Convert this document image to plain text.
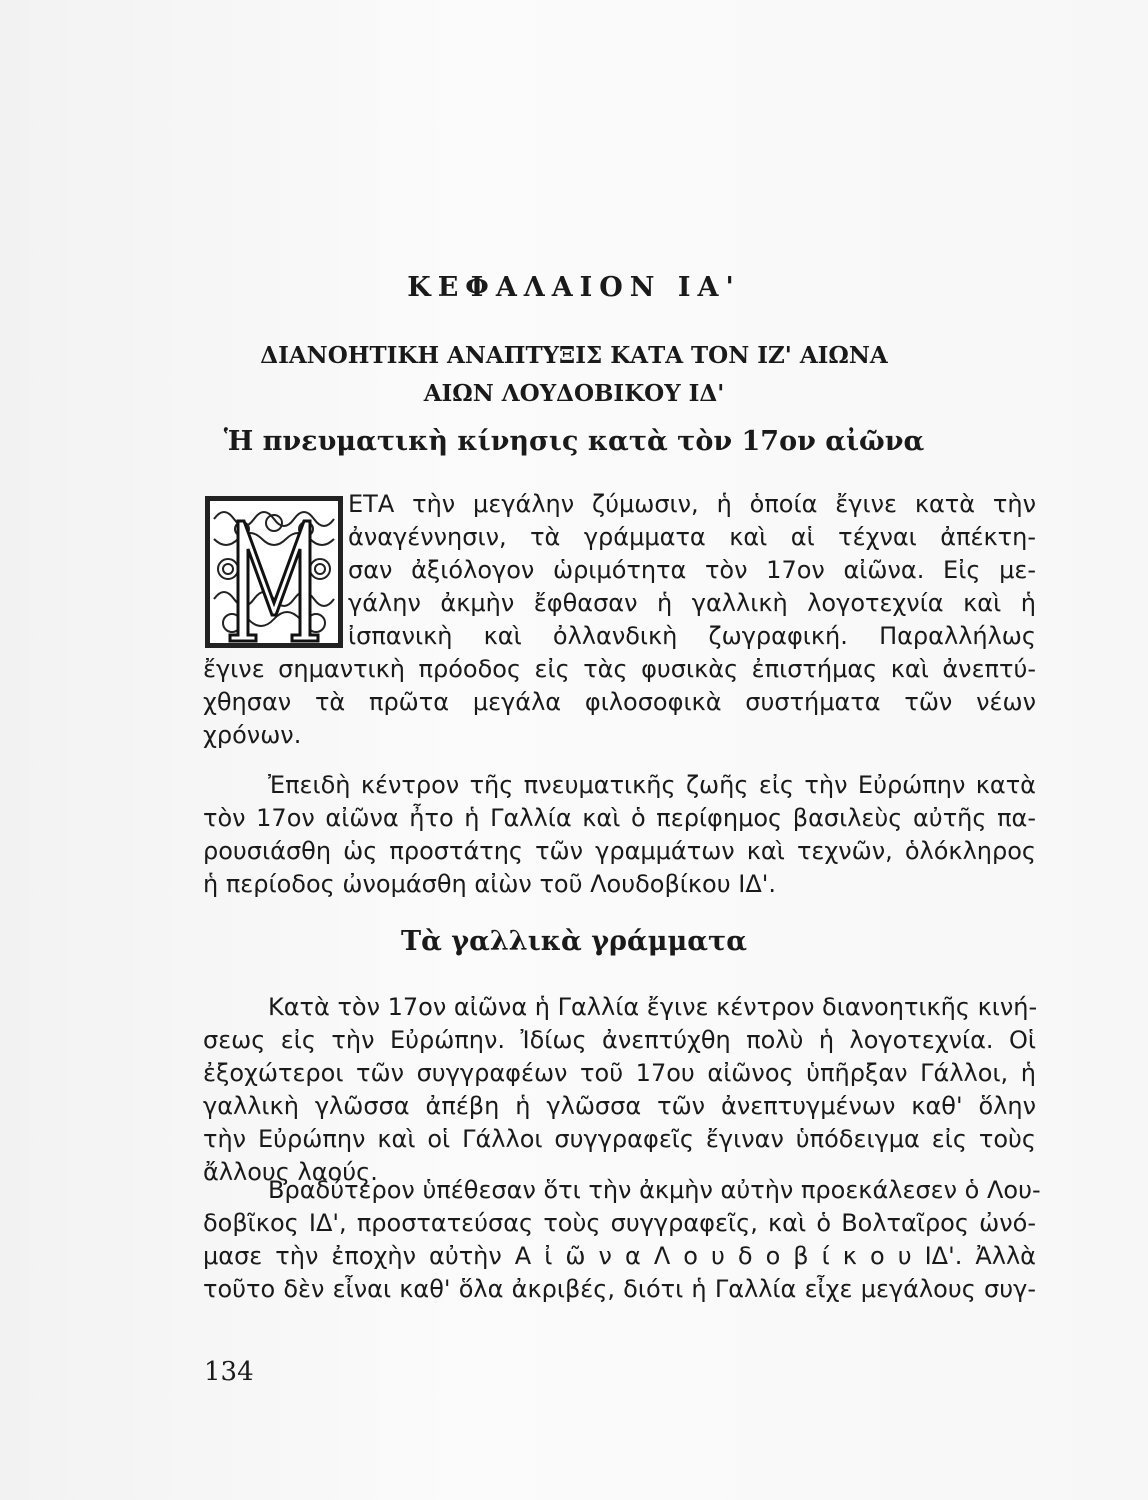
ΚΕΦΑΛΑΙΟΝ ΙΑ'
ΔΙΑΝΟΗΤΙΚΗ ΑΝΑΠΤΥΞΙΣ ΚΑΤΑ ΤΟΝ ΙΖ' ΑΙΩΝΑ
ΑΙΩΝ ΛΟΥΔΟΒΙΚΟΥ ΙΔ'
Ἡ πνευματικὴ κίνησις κατὰ τὸν 17ον αἰῶνα
ΕΤΑ τὴν μεγάλην ζύμωσιν, ἡ ὁποία ἔγινε κατὰ τὴν
ἀναγέννησιν, τὰ γράμματα καὶ αἱ τέχναι ἀπέκτη-
σαν ἀξιόλογον ὡριμότητα τὸν 17ον αἰῶνα. Εἰς με-
γάλην ἀκμὴν ἔφθασαν ἡ γαλλικὴ λογοτεχνία καὶ ἡ
ἰσπανικὴ καὶ ὀλλανδικὴ ζωγραφική. Παραλλήλως
ἔγινε σημαντικὴ πρόοδος εἰς τὰς φυσικὰς ἐπιστήμας καὶ ἀνεπτύ-
χθησαν τὰ πρῶτα μεγάλα φιλοσοφικὰ συστήματα τῶν νέων
χρόνων.
Ἐπειδὴ κέντρον τῆς πνευματικῆς ζωῆς εἰς τὴν Εὐρώπην κατὰ
τὸν 17ον αἰῶνα ἦτο ἡ Γαλλία καὶ ὁ περίφημος βασιλεὺς αὐτῆς πα-
ρουσιάσθη ὡς προστάτης τῶν γραμμάτων καὶ τεχνῶν, ὁλόκληρος
ἡ περίοδος ὠνομάσθη αἰὼν τοῦ Λουδοβίκου ΙΔ'.
Τὰ γαλλικὰ γράμματα
Κατὰ τὸν 17ον αἰῶνα ἡ Γαλλία ἔγινε κέντρον διανοητικῆς κινή-
σεως εἰς τὴν Εὐρώπην. Ἰδίως ἀνεπτύχθη πολὺ ἡ λογοτεχνία. Οἱ
ἐξοχώτεροι τῶν συγγραφέων τοῦ 17ου αἰῶνος ὑπῆρξαν Γάλλοι, ἡ
γαλλικὴ γλῶσσα ἀπέβη ἡ γλῶσσα τῶν ἀνεπτυγμένων καθ' ὅλην
τὴν Εὐρώπην καὶ οἱ Γάλλοι συγγραφεῖς ἔγιναν ὑπόδειγμα εἰς τοὺς
ἄλλους λαούς.
Βραδύτερον ὑπέθεσαν ὅτι τὴν ἀκμὴν αὐτὴν προεκάλεσεν ὁ Λου-
δοβῖκος ΙΔ', προστατεύσας τοὺς συγγραφεῖς, καὶ ὁ Βολταῖρος ὠνό-
μασε τὴν ἐποχὴν αὐτὴν Α ἰ ῶ ν α Λ ο υ δ ο β ί κ ο υ ΙΔ'. Ἀλλὰ
τοῦτο δὲν εἶναι καθ' ὅλα ἀκριβές, διότι ἡ Γαλλία εἶχε μεγάλους συγ-
134
